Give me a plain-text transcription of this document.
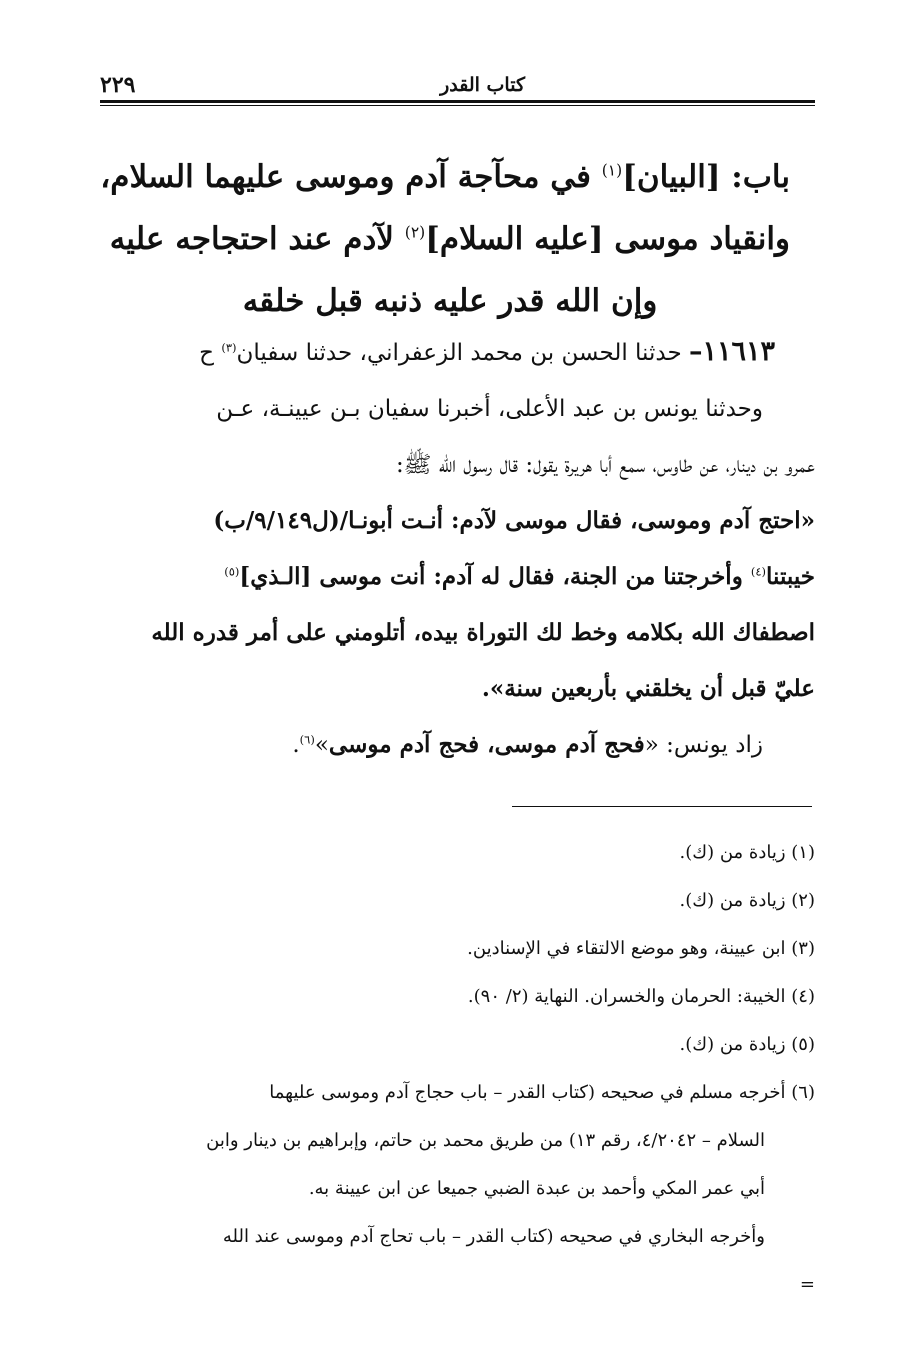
كتاب القدر
٢٢٩
باب: [البيان]$^{(١)}$ في محآجة آدم وموسى عليهما السلام،
وانقياد موسى [عليه السلام]$^{(٢)}$ لآدم عند احتجاجه عليه
وإن الله قدر عليه ذنبه قبل خلقه
١١٦١٣– حدثنا الحسن بن محمد الزعفراني، حدثنا سفيان$^{(٣)}$ ح
وحدثنا يونس بن عبد الأعلى، أخبرنا سفيان بـن عيينـة، عـن
عمرو بن دينار، عن طاوس، سمع أبا هريرة يقول: قال رسول الله ﷺ:
«احتج آدم وموسى، فقال موسى لآدم: أنـت أبونـا/(ل٩/١٤٩/ب)
خيبتنا$^{(٤)}$ وأخرجتنا من الجنة، فقال له آدم: أنت موسى [الـذي]$^{(٥)}$
اصطفاك الله بكلامه وخط لك التوراة بيده، أتلومني على أمر قدره الله
عليّ قبل أن يخلقني بأربعين سنة».
زاد يونس: «فحج آدم موسى، فحج آدم موسى»$^{(٦)}$.
(١) زيادة من (ك).
(٢) زيادة من (ك).
(٣) ابن عيينة، وهو موضع الالتقاء في الإسنادين.
(٤) الخيبة: الحرمان والخسران. النهاية (٢/ ٩٠).
(٥) زيادة من (ك).
(٦) أخرجه مسلم في صحيحه (كتاب القدر – باب حجاج آدم وموسى عليهما
السلام – ٤/٢٠٤٢، رقم ١٣) من طريق محمد بن حاتم، وإبراهيم بن دينار وابن
أبي عمر المكي وأحمد بن عبدة الضبي جميعا عن ابن عيينة به.
وأخرجه البخاري في صحيحه (كتاب القدر – باب تحاج آدم وموسى عند الله
=
